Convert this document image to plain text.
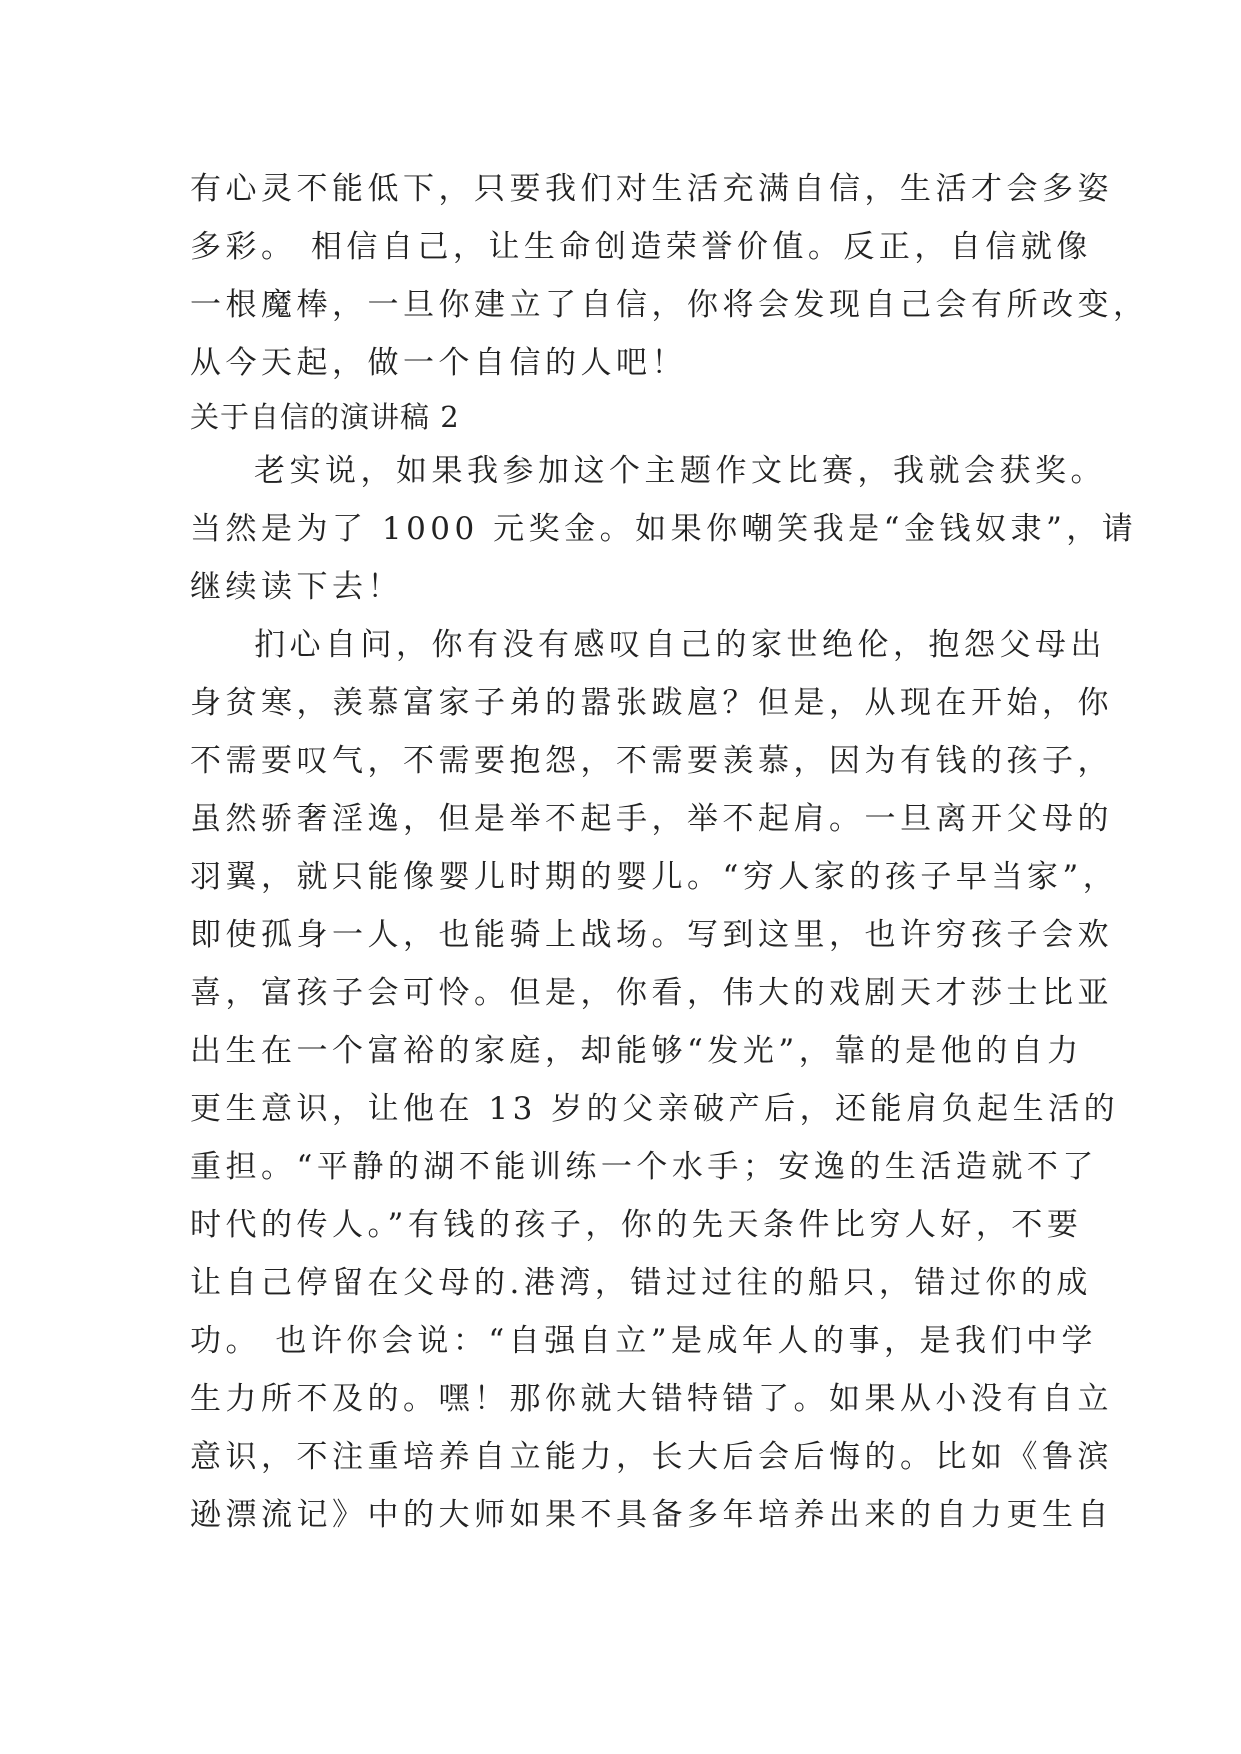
有心灵不能低下，只要我们对生活充满自信，生活才会多姿
多彩。 相信自己，让生命创造荣誉价值。反正，自信就像
一根魔棒，一旦你建立了自信，你将会发现自己会有所改变，
从今天起，做一个自信的人吧！
关于自信的演讲稿 2
老实说，如果我参加这个主题作文比赛，我就会获奖。
当然是为了 1000 元奖金。如果你嘲笑我是“金钱奴隶”，请
继续读下去！
扪心自问，你有没有感叹自己的家世绝伦，抱怨父母出
身贫寒，羡慕富家子弟的嚣张跋扈？但是，从现在开始，你
不需要叹气，不需要抱怨，不需要羡慕，因为有钱的孩子，
虽然骄奢淫逸，但是举不起手，举不起肩。一旦离开父母的
羽翼，就只能像婴儿时期的婴儿。“穷人家的孩子早当家”，
即使孤身一人，也能骑上战场。写到这里，也许穷孩子会欢
喜，富孩子会可怜。但是，你看，伟大的戏剧天才莎士比亚
出生在一个富裕的家庭，却能够“发光”，靠的是他的自力
更生意识，让他在 13 岁的父亲破产后，还能肩负起生活的
重担。“平静的湖不能训练一个水手；安逸的生活造就不了
时代的传人。”有钱的孩子，你的先天条件比穷人好，不要
让自己停留在父母的.港湾，错过过往的船只，错过你的成
功。 也许你会说：“自强自立”是成年人的事，是我们中学
生力所不及的。嘿！那你就大错特错了。如果从小没有自立
意识，不注重培养自立能力，长大后会后悔的。比如《鲁滨
逊漂流记》中的大师如果不具备多年培养出来的自力更生自
